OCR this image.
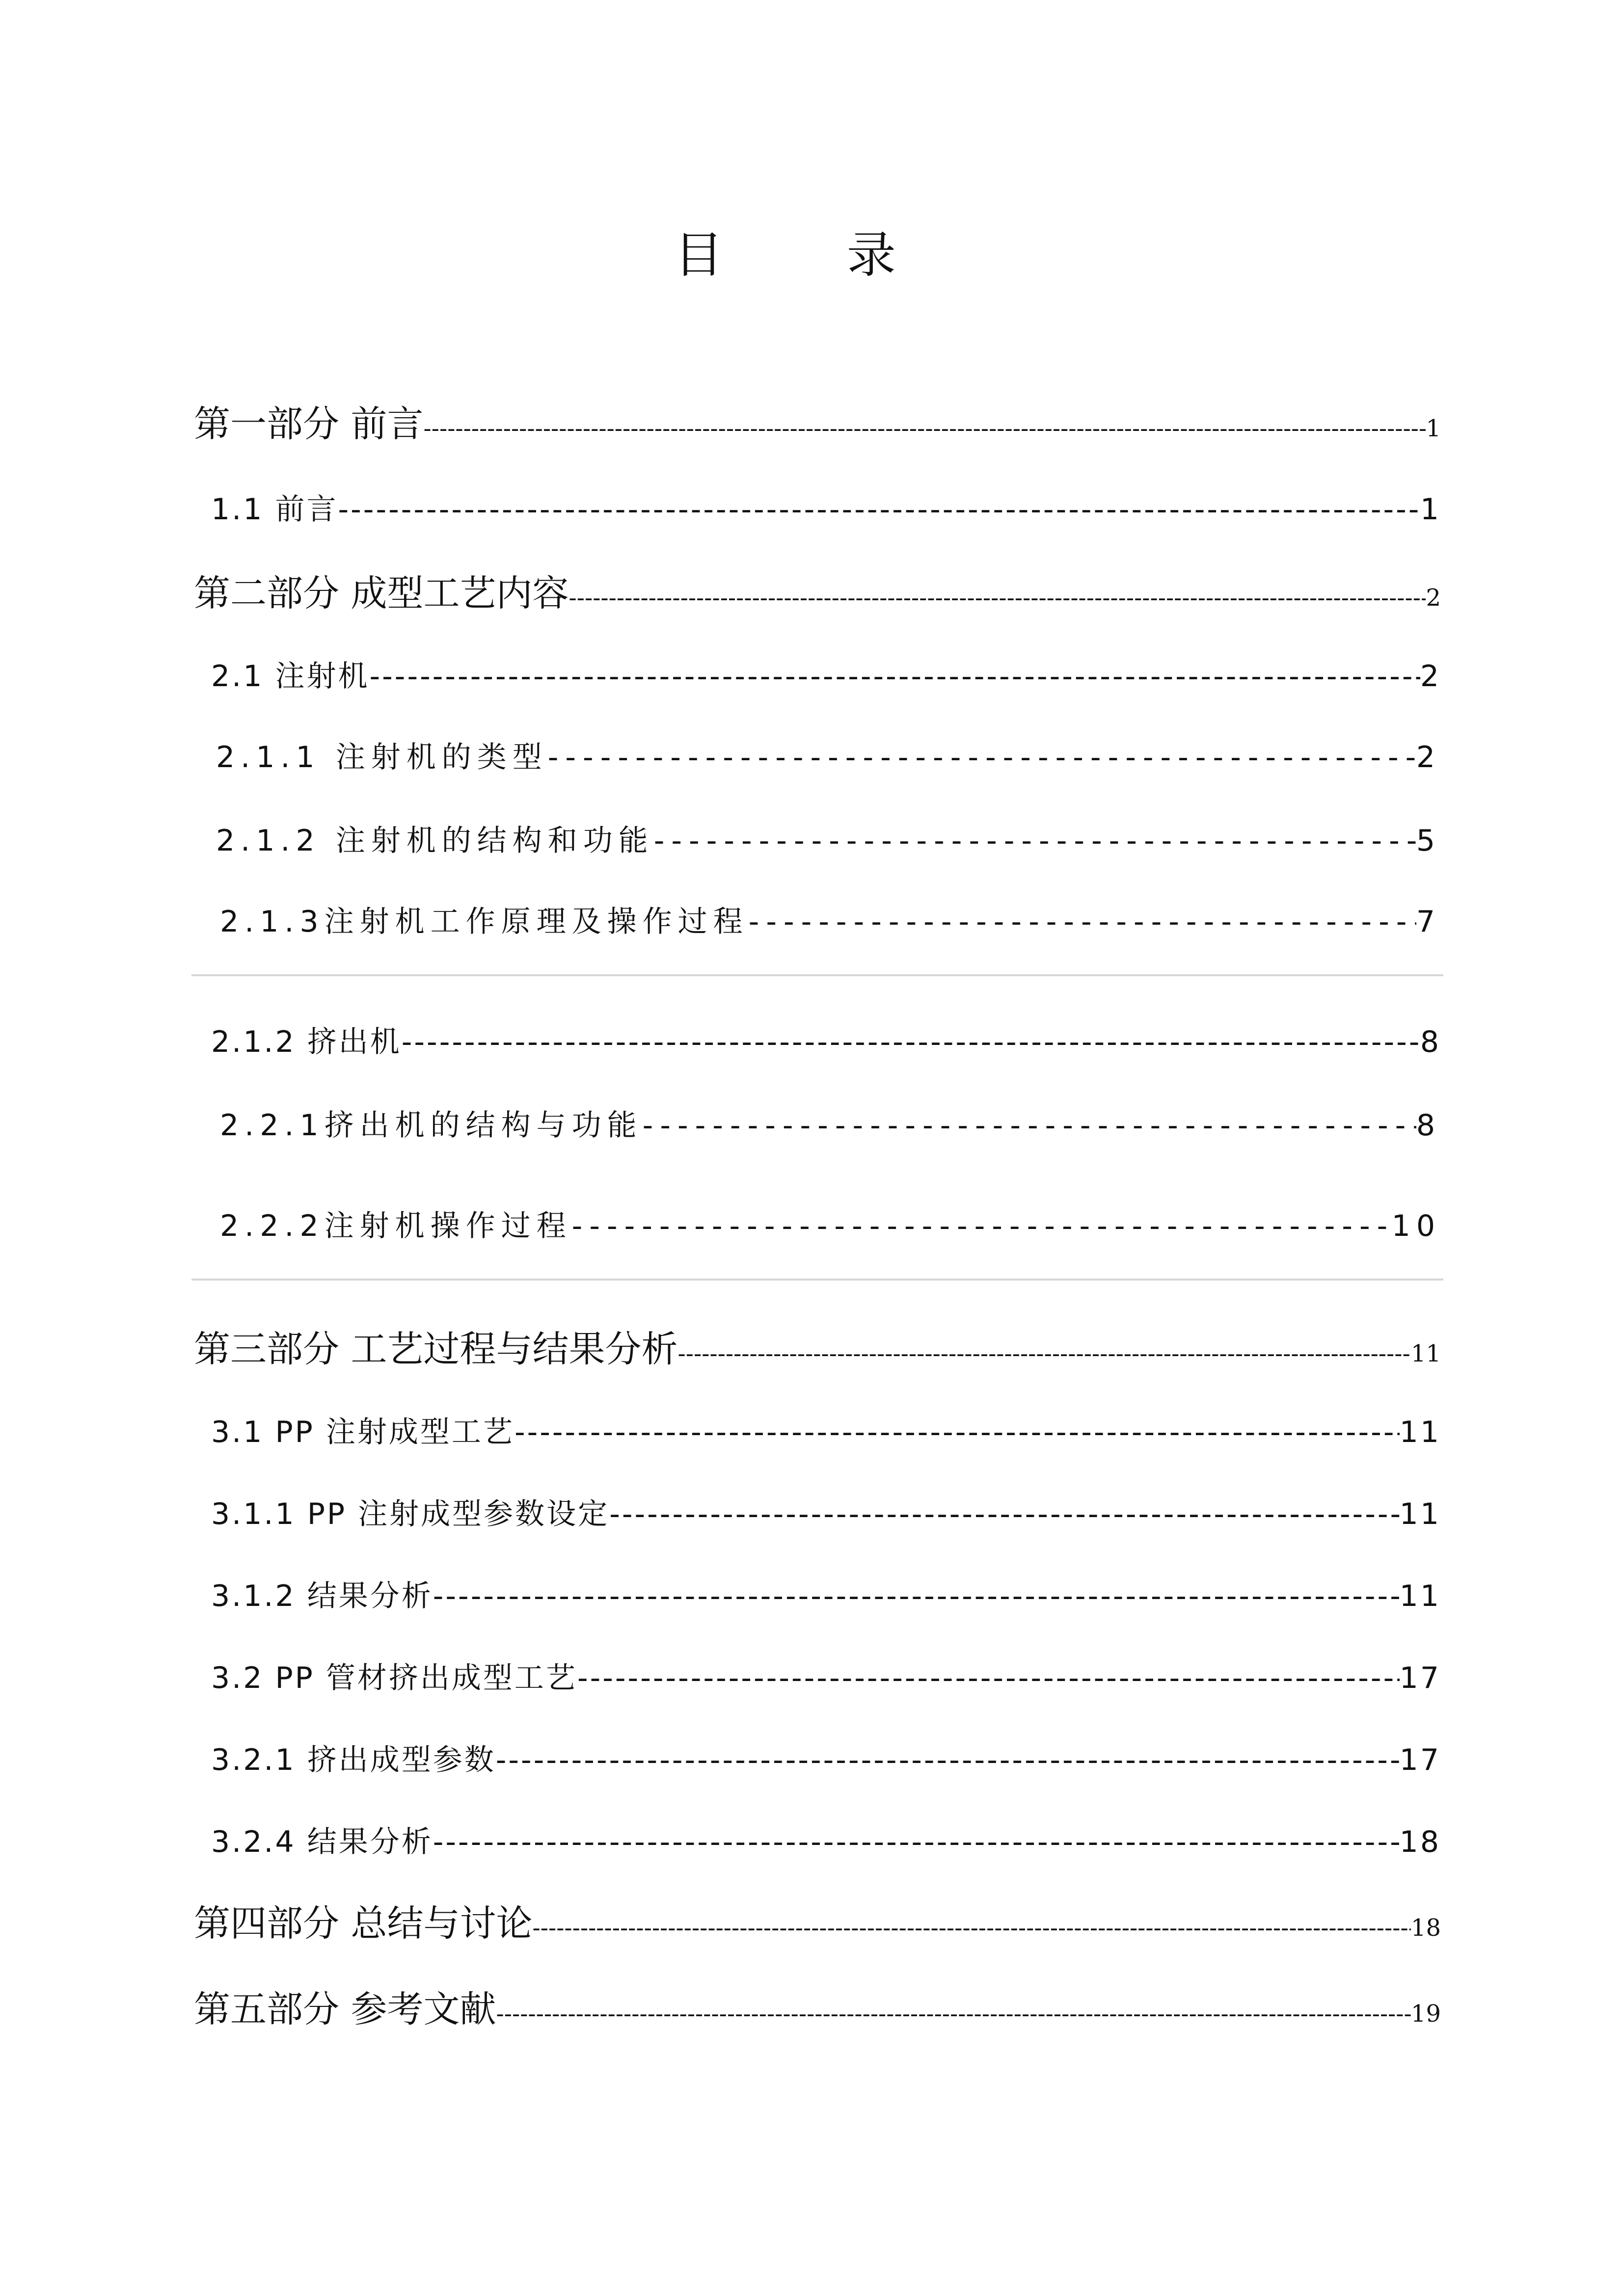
目 录
第一部分 前言 -----	1
1.1 前言 -----	1
第二部分 成型工艺内容 -----	2
2.1 注射机 -----	2
2.1.1 注射机的类型 -----	2
2.1.2 注射机的结构和功能 -----	5
2.1.3注射机工作原理及操作过程 -----	7
2.1.2 挤出机 -----	8
2.2.1挤出机的结构与功能 -----	8
2.2.2注射机操作过程 -----	10
第三部分 工艺过程与结果分析 -----	11
3.1 PP 注射成型工艺 -----	11
3.1.1 PP 注射成型参数设定 -----	11
3.1.2 结果分析 -----	11
3.2 PP 管材挤出成型工艺 -----	17
3.2.1 挤出成型参数 -----	17
3.2.4 结果分析 -----	18
第四部分 总结与讨论 -----	18
第五部分 参考文献 -----	19
